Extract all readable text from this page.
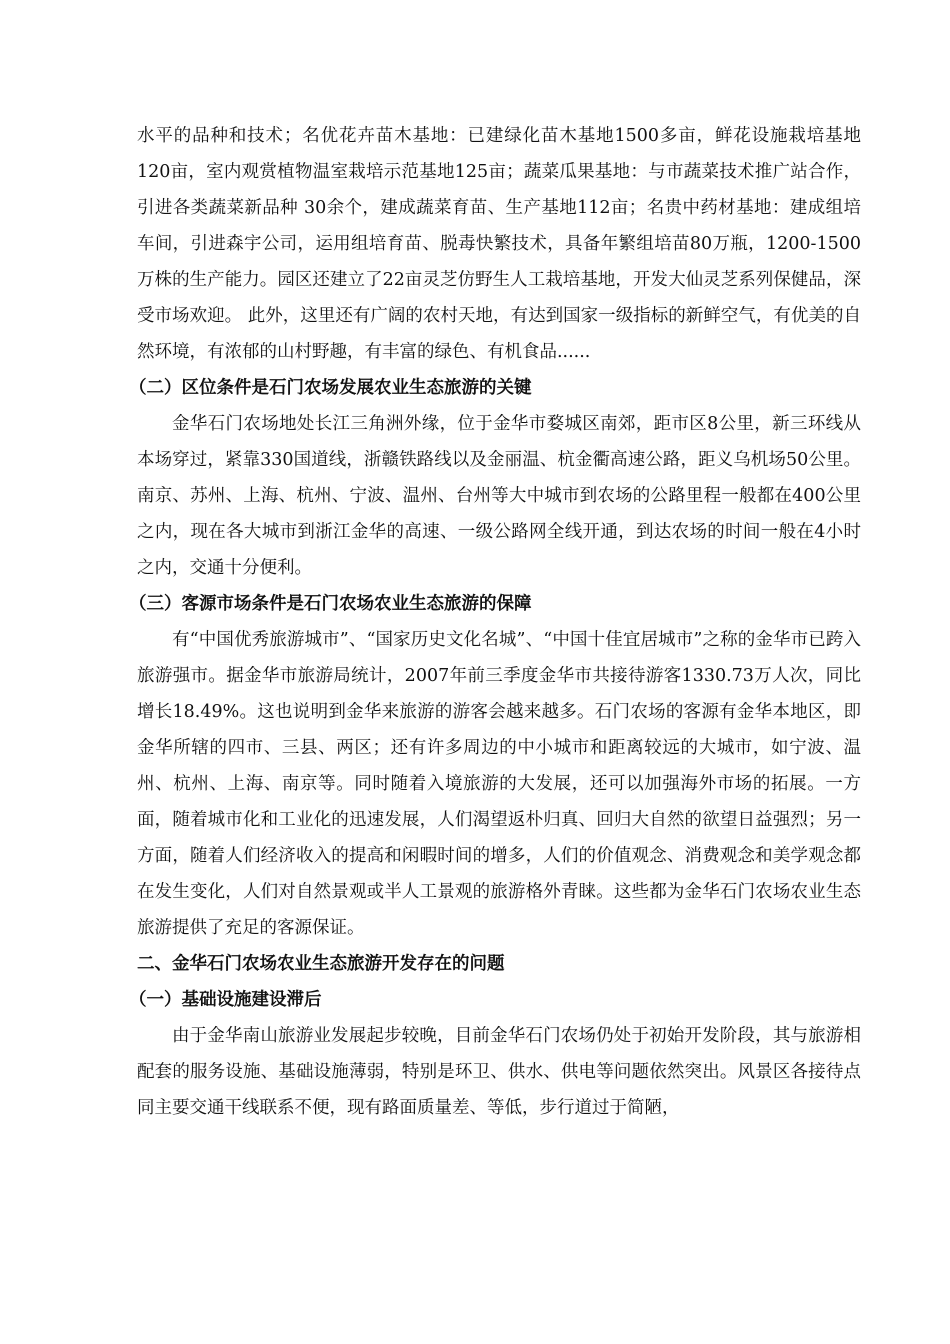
水平的品种和技术；名优花卉苗木基地：已建绿化苗木基地1500多亩，鲜花设施栽培基地120亩，室内观赏植物温室栽培示范基地125亩；蔬菜瓜果基地：与市蔬菜技术推广站合作，引进各类蔬菜新品种 30余个，建成蔬菜育苗、生产基地112亩；名贵中药材基地：建成组培车间，引进森宇公司，运用组培育苗、脱毒快繁技术，具备年繁组培苗80万瓶，1200-1500万株的生产能力。园区还建立了22亩灵芝仿野生人工栽培基地，开发大仙灵芝系列保健品，深受市场欢迎。 此外，这里还有广阔的农村天地，有达到国家一级指标的新鲜空气，有优美的自然环境，有浓郁的山村野趣，有丰富的绿色、有机食品......

（二）区位条件是石门农场发展农业生态旅游的关键

金华石门农场地处长江三角洲外缘，位于金华市婺城区南郊，距市区8公里，新三环线从本场穿过，紧靠330国道线，浙赣铁路线以及金丽温、杭金衢高速公路，距义乌机场50公里。南京、苏州、上海、杭州、宁波、温州、台州等大中城市到农场的公路里程一般都在400公里之内，现在各大城市到浙江金华的高速、一级公路网全线开通，到达农场的时间一般在4小时之内，交通十分便利。

（三）客源市场条件是石门农场农业生态旅游的保障

有“中国优秀旅游城市”、“国家历史文化名城”、“中国十佳宜居城市”之称的金华市已跨入旅游强市。据金华市旅游局统计，2007年前三季度金华市共接待游客1330.73万人次，同比增长18.49%。这也说明到金华来旅游的游客会越来越多。石门农场的客源有金华本地区，即金华所辖的四市、三县、两区；还有许多周边的中小城市和距离较远的大城市，如宁波、温州、杭州、上海、南京等。同时随着入境旅游的大发展，还可以加强海外市场的拓展。一方面，随着城市化和工业化的迅速发展，人们渴望返朴归真、回归大自然的欲望日益强烈；另一方面，随着人们经济收入的提高和闲暇时间的增多，人们的价值观念、消费观念和美学观念都在发生变化，人们对自然景观或半人工景观的旅游格外青睐。这些都为金华石门农场农业生态旅游提供了充足的客源保证。

二、金华石门农场农业生态旅游开发存在的问题

（一）基础设施建设滞后

由于金华南山旅游业发展起步较晚，目前金华石门农场仍处于初始开发阶段，其与旅游相配套的服务设施、基础设施薄弱，特别是环卫、供水、供电等问题依然突出。风景区各接待点同主要交通干线联系不便，现有路面质量差、等低，步行道过于简陋，
